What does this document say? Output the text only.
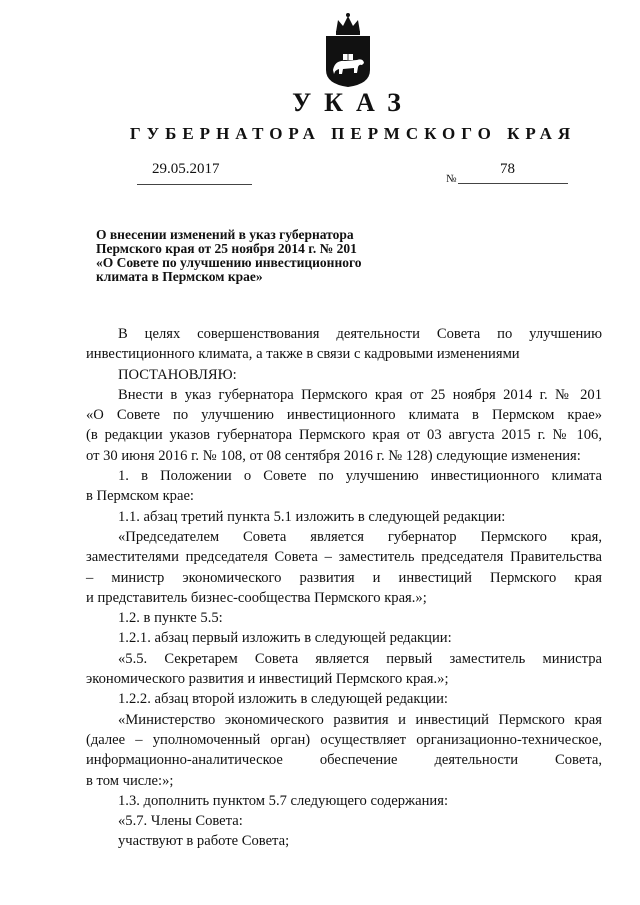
УКАЗ
ГУБЕРНАТОРА ПЕРМСКОГО КРАЯ
29.05.2017
№
78
О внесении изменений в указ губернатора
Пермского края от 25 ноября 2014 г. № 201
«О Совете по улучшению инвестиционного
климата в Пермском крае»
В целях совершенствования деятельности Совета по улучшению
инвестиционного климата, а также в связи с кадровыми изменениями
ПОСТАНОВЛЯЮ:
Внести в указ губернатора Пермского края от 25 ноября 2014 г. № 201
«О Совете по улучшению инвестиционного климата в Пермском крае»
(в редакции указов губернатора Пермского края от 03 августа 2015 г. № 106,
от 30 июня 2016 г. № 108, от 08 сентября 2016 г. № 128) следующие изменения:
1. в Положении о Совете по улучшению инвестиционного климата
в Пермском крае:
1.1. абзац третий пункта 5.1 изложить в следующей редакции:
«Председателем Совета является губернатор Пермского края,
заместителями председателя Совета – заместитель председателя Правительства
– министр экономического развития и инвестиций Пермского края
и представитель бизнес-сообщества Пермского края.»;
1.2. в пункте 5.5:
1.2.1. абзац первый изложить в следующей редакции:
«5.5. Секретарем Совета является первый заместитель министра
экономического развития и инвестиций Пермского края.»;
1.2.2. абзац второй изложить в следующей редакции:
«Министерство экономического развития и инвестиций Пермского края
(далее – уполномоченный орган) осуществляет организационно-техническое,
информационно-аналитическое обеспечение деятельности Совета,
в том числе:»;
1.3. дополнить пунктом 5.7 следующего содержания:
«5.7. Члены Совета:
участвуют в работе Совета;
